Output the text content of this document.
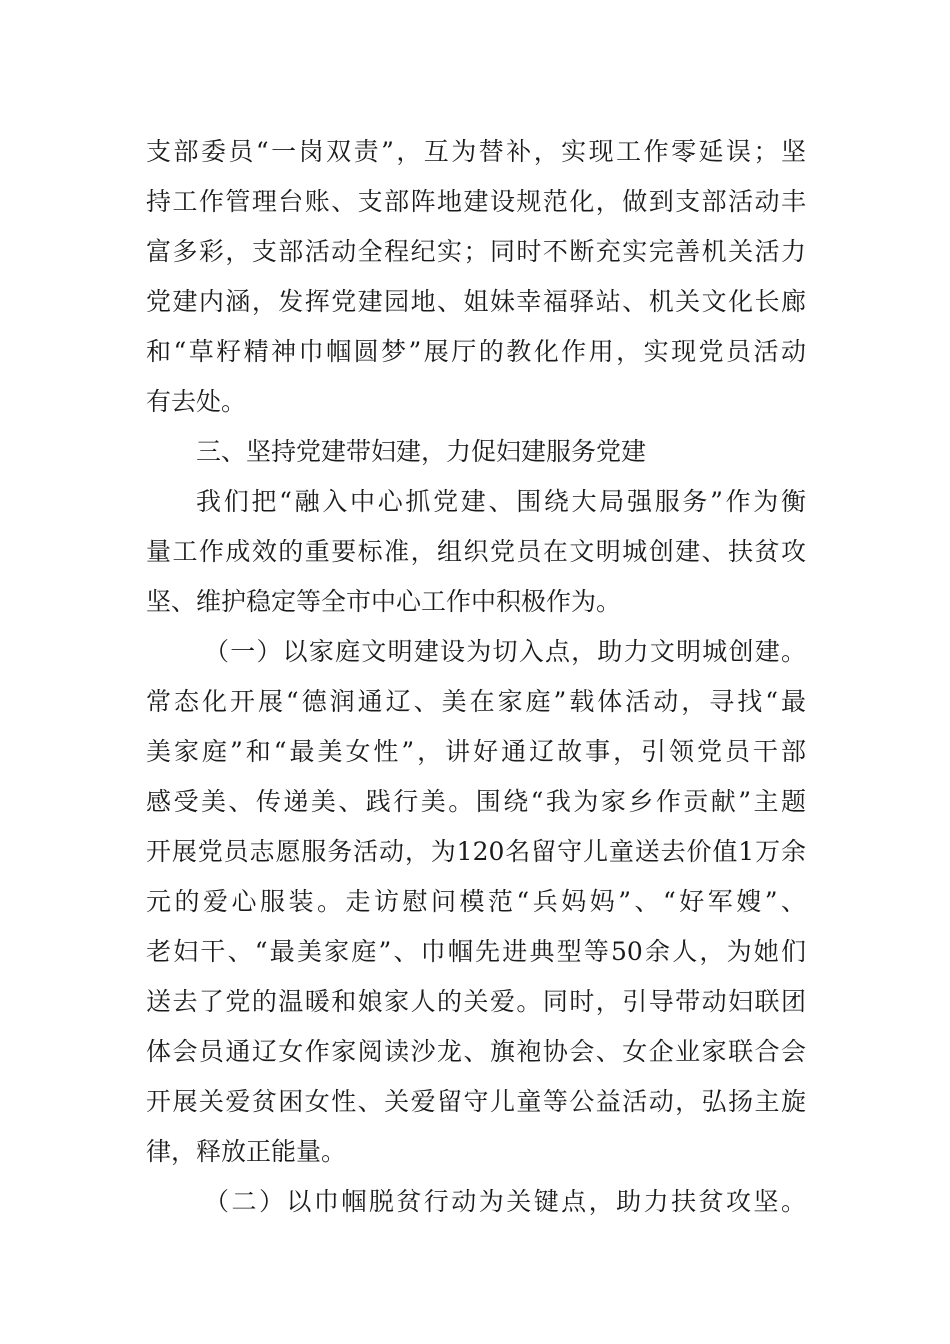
支部委员“一岗双责”，互为替补，实现工作零延误；坚
持工作管理台账、支部阵地建设规范化，做到支部活动丰
富多彩，支部活动全程纪实；同时不断充实完善机关活力
党建内涵，发挥党建园地、姐妹幸福驿站、机关文化长廊
和“草籽精神巾帼圆梦”展厅的教化作用，实现党员活动
有去处。
三、坚持党建带妇建，力促妇建服务党建
我们把“融入中心抓党建、围绕大局强服务”作为衡
量工作成效的重要标准，组织党员在文明城创建、扶贫攻
坚、维护稳定等全市中心工作中积极作为。
（一）以家庭文明建设为切入点，助力文明城创建。
常态化开展“德润通辽、美在家庭”载体活动，寻找“最
美家庭”和“最美女性”，讲好通辽故事，引领党员干部
感受美、传递美、践行美。围绕“我为家乡作贡献”主题
开展党员志愿服务活动，为120名留守儿童送去价值1万余
元的爱心服装。走访慰问模范“兵妈妈”、“好军嫂”、
老妇干、“最美家庭”、巾帼先进典型等50余人，为她们
送去了党的温暖和娘家人的关爱。同时，引导带动妇联团
体会员通辽女作家阅读沙龙、旗袍协会、女企业家联合会
开展关爱贫困女性、关爱留守儿童等公益活动，弘扬主旋
律，释放正能量。
（二）以巾帼脱贫行动为关键点，助力扶贫攻坚。
